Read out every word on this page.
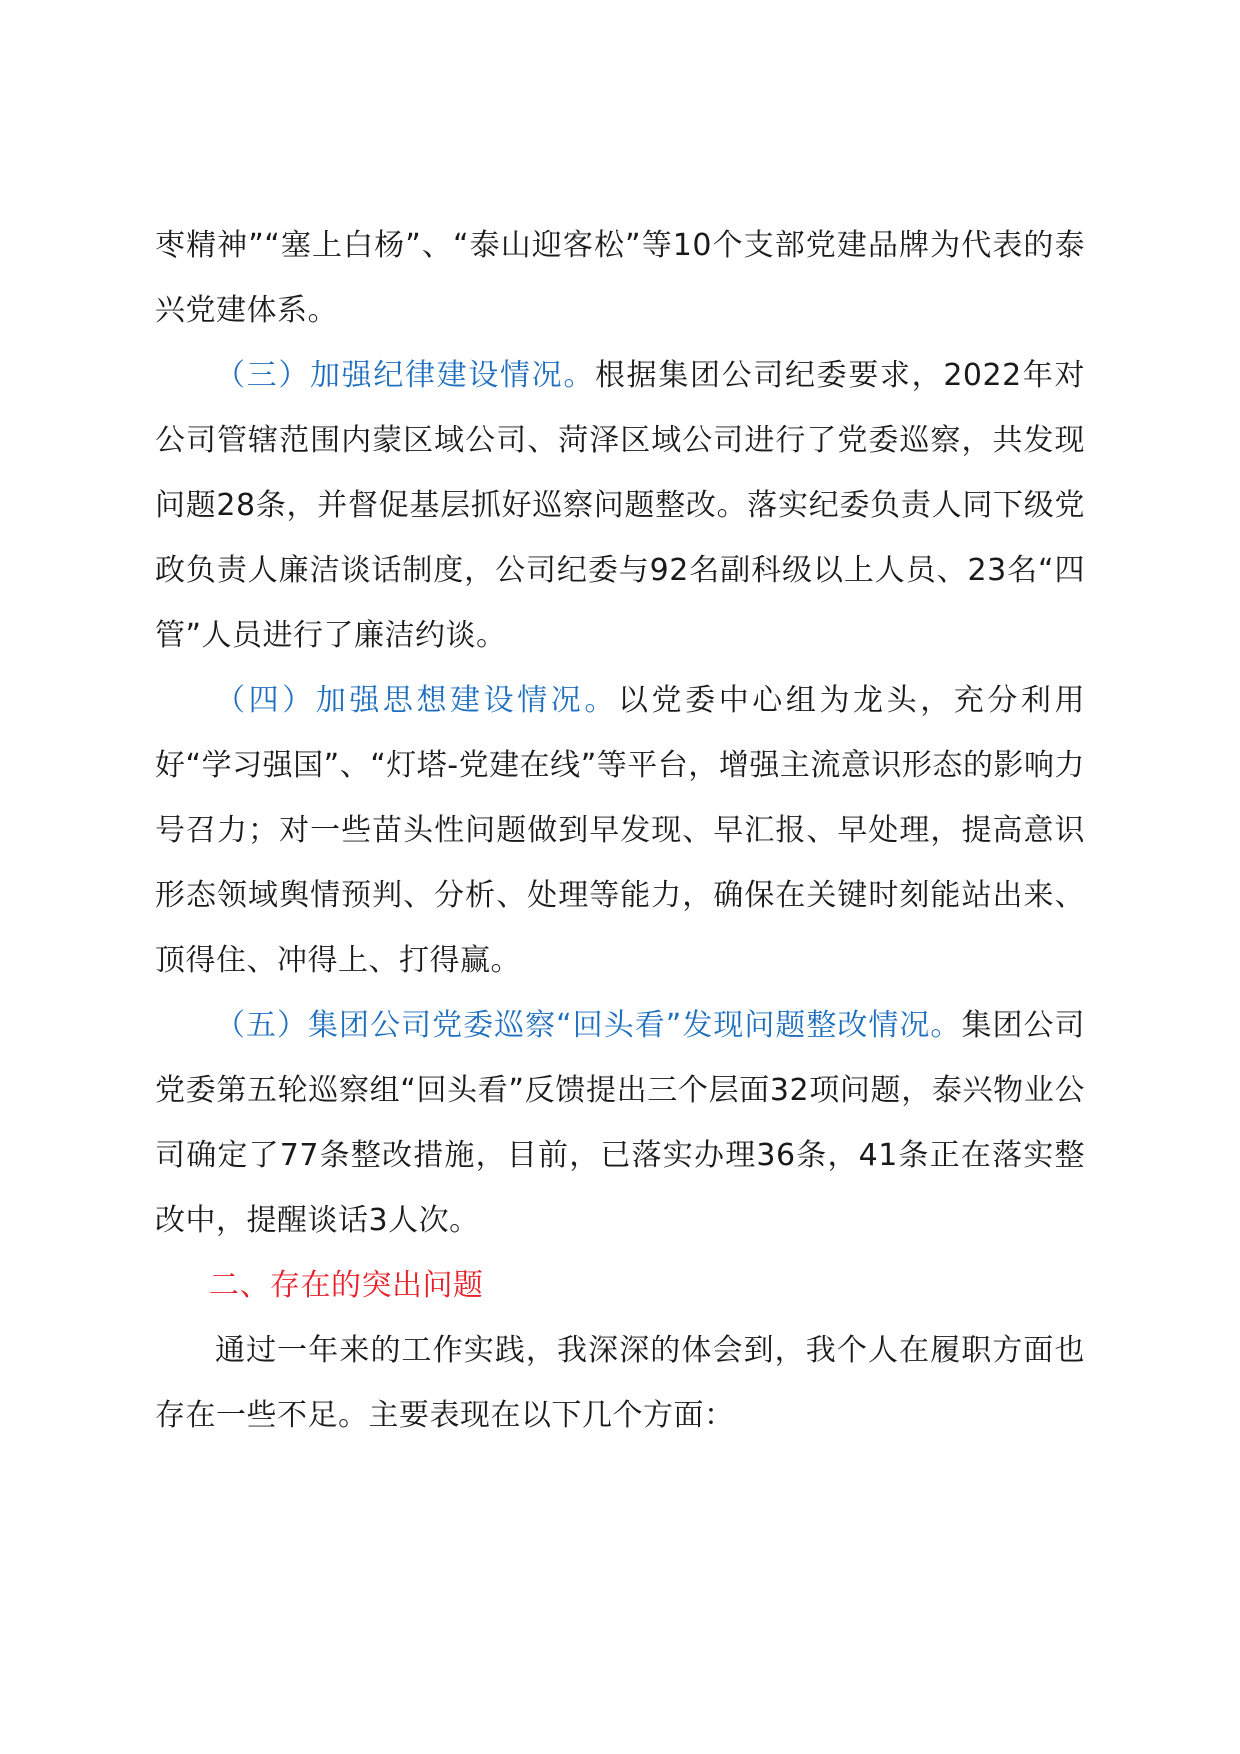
枣精神”“塞上白杨”、“泰山迎客松”等10个支部党建品牌为代表的泰兴党建体系。

（三）加强纪律建设情况。根据集团公司纪委要求，2022年对公司管辖范围内蒙区域公司、菏泽区域公司进行了党委巡察，共发现问题28条，并督促基层抓好巡察问题整改。落实纪委负责人同下级党政负责人廉洁谈话制度，公司纪委与92名副科级以上人员、23名“四管”人员进行了廉洁约谈。

（四）加强思想建设情况。以党委中心组为龙头，充分利用好“学习强国”、“灯塔-党建在线”等平台，增强主流意识形态的影响力号召力；对一些苗头性问题做到早发现、早汇报、早处理，提高意识形态领域舆情预判、分析、处理等能力，确保在关键时刻能站出来、顶得住、冲得上、打得赢。

（五）集团公司党委巡察“回头看”发现问题整改情况。集团公司党委第五轮巡察组“回头看”反馈提出三个层面32项问题，泰兴物业公司确定了77条整改措施，目前，已落实办理36条，41条正在落实整改中，提醒谈话3人次。

二、存在的突出问题

通过一年来的工作实践，我深深的体会到，我个人在履职方面也存在一些不足。主要表现在以下几个方面：
